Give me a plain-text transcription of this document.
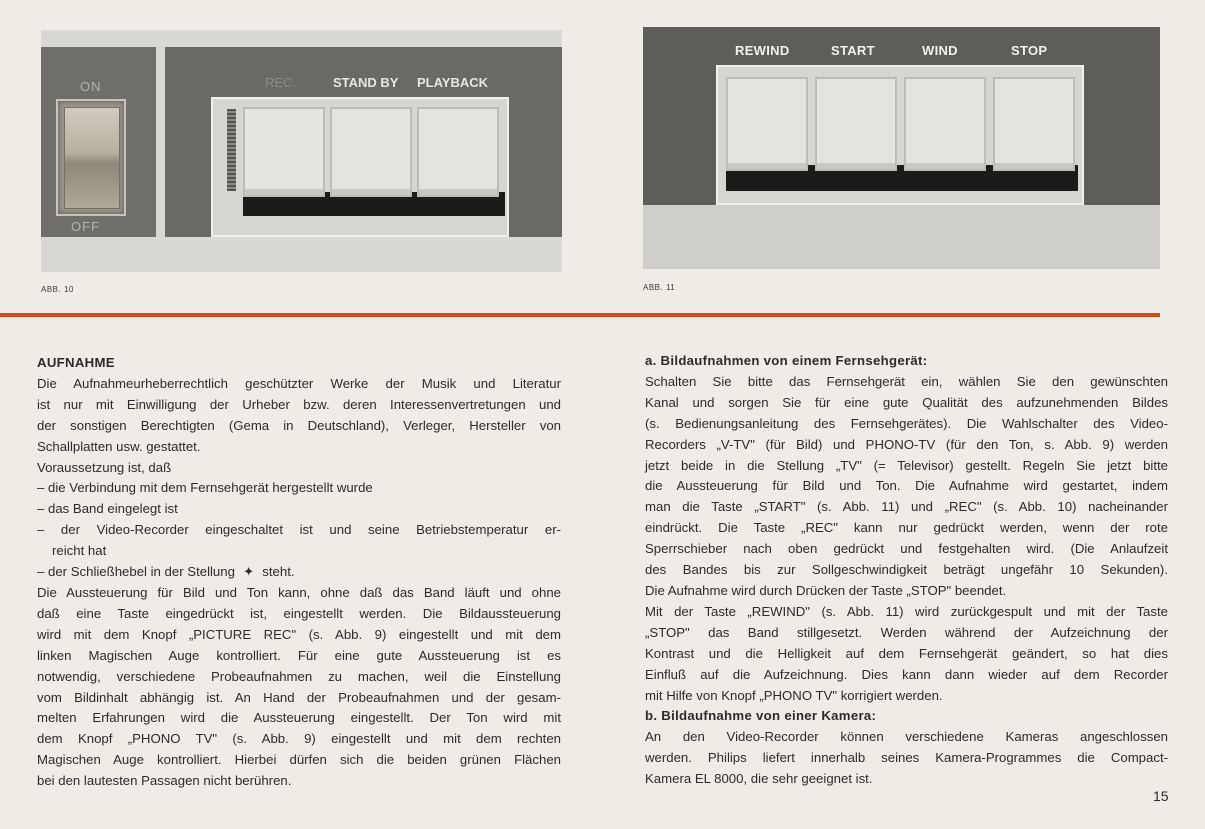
ON
OFF
REC.	STAND BY PLAYBACK
ABB. 10
REWIND	START	WIND	STOP
ABB. 11

AUFNAHME

Die Aufnahmeurheberrechtlich geschützter Werke der Musik und Literatur

ist nur mit Einwilligung der Urheber bzw. deren Interessenvertretungen und

der sonstigen Berechtigten (Gema in Deutschland), Verleger, Hersteller von

Schallplatten usw. gestattet.

Voraussetzung ist, daß

– die Verbindung mit dem Fernsehgerät hergestellt wurde

– das Band eingelegt ist

– der Video-Recorder eingeschaltet ist und seine Betriebstemperatur er-

reicht hat

– der Schließhebel in der Stellung ✦ steht.

Die Aussteuerung für Bild und Ton kann, ohne daß das Band läuft und ohne

daß eine Taste eingedrückt ist, eingestellt werden. Die Bildaussteuerung

wird mit dem Knopf „PICTURE REC" (s. Abb. 9) eingestellt und mit dem

linken Magischen Auge kontrolliert. Für eine gute Aussteuerung ist es

notwendig, verschiedene Probeaufnahmen zu machen, weil die Einstellung

vom Bildinhalt abhängig ist. An Hand der Probeaufnahmen und der gesam-

melten Erfahrungen wird die Aussteuerung eingestellt. Der Ton wird mit

dem Knopf „PHONO TV" (s. Abb. 9) eingestellt und mit dem rechten

Magischen Auge kontrolliert. Hierbei dürfen sich die beiden grünen Flächen

bei den lautesten Passagen nicht berühren.

a. Bildaufnahmen von einem Fernsehgerät:

Schalten Sie bitte das Fernsehgerät ein, wählen Sie den gewünschten

Kanal und sorgen Sie für eine gute Qualität des aufzunehmenden Bildes

(s. Bedienungsanleitung des Fernsehgerätes). Die Wahlschalter des Video-

Recorders „V-TV" (für Bild) und PHONO-TV (für den Ton, s. Abb. 9) werden

jetzt beide in die Stellung „TV" (= Televisor) gestellt. Regeln Sie jetzt bitte

die Aussteuerung für Bild und Ton. Die Aufnahme wird gestartet, indem

man die Taste „START" (s. Abb. 11) und „REC" (s. Abb. 10) nacheinander

eindrückt. Die Taste „REC" kann nur gedrückt werden, wenn der rote

Sperrschieber nach oben gedrückt und festgehalten wird. (Die Anlaufzeit

des Bandes bis zur Sollgeschwindigkeit beträgt ungefähr 10 Sekunden).

Die Aufnahme wird durch Drücken der Taste „STOP" beendet.

Mit der Taste „REWIND" (s. Abb. 11) wird zurückgespult und mit der Taste

„STOP" das Band stillgesetzt. Werden während der Aufzeichnung der

Kontrast und die Helligkeit auf dem Fernsehgerät geändert, so hat dies

Einfluß auf die Aufzeichnung. Dies kann dann wieder auf dem Recorder

mit Hilfe von Knopf „PHONO TV" korrigiert werden.

b. Bildaufnahme von einer Kamera:

An den Video-Recorder können verschiedene Kameras angeschlossen

werden. Philips liefert innerhalb seines Kamera-Programmes die Compact-

Kamera EL 8000, die sehr geeignet ist.

15
